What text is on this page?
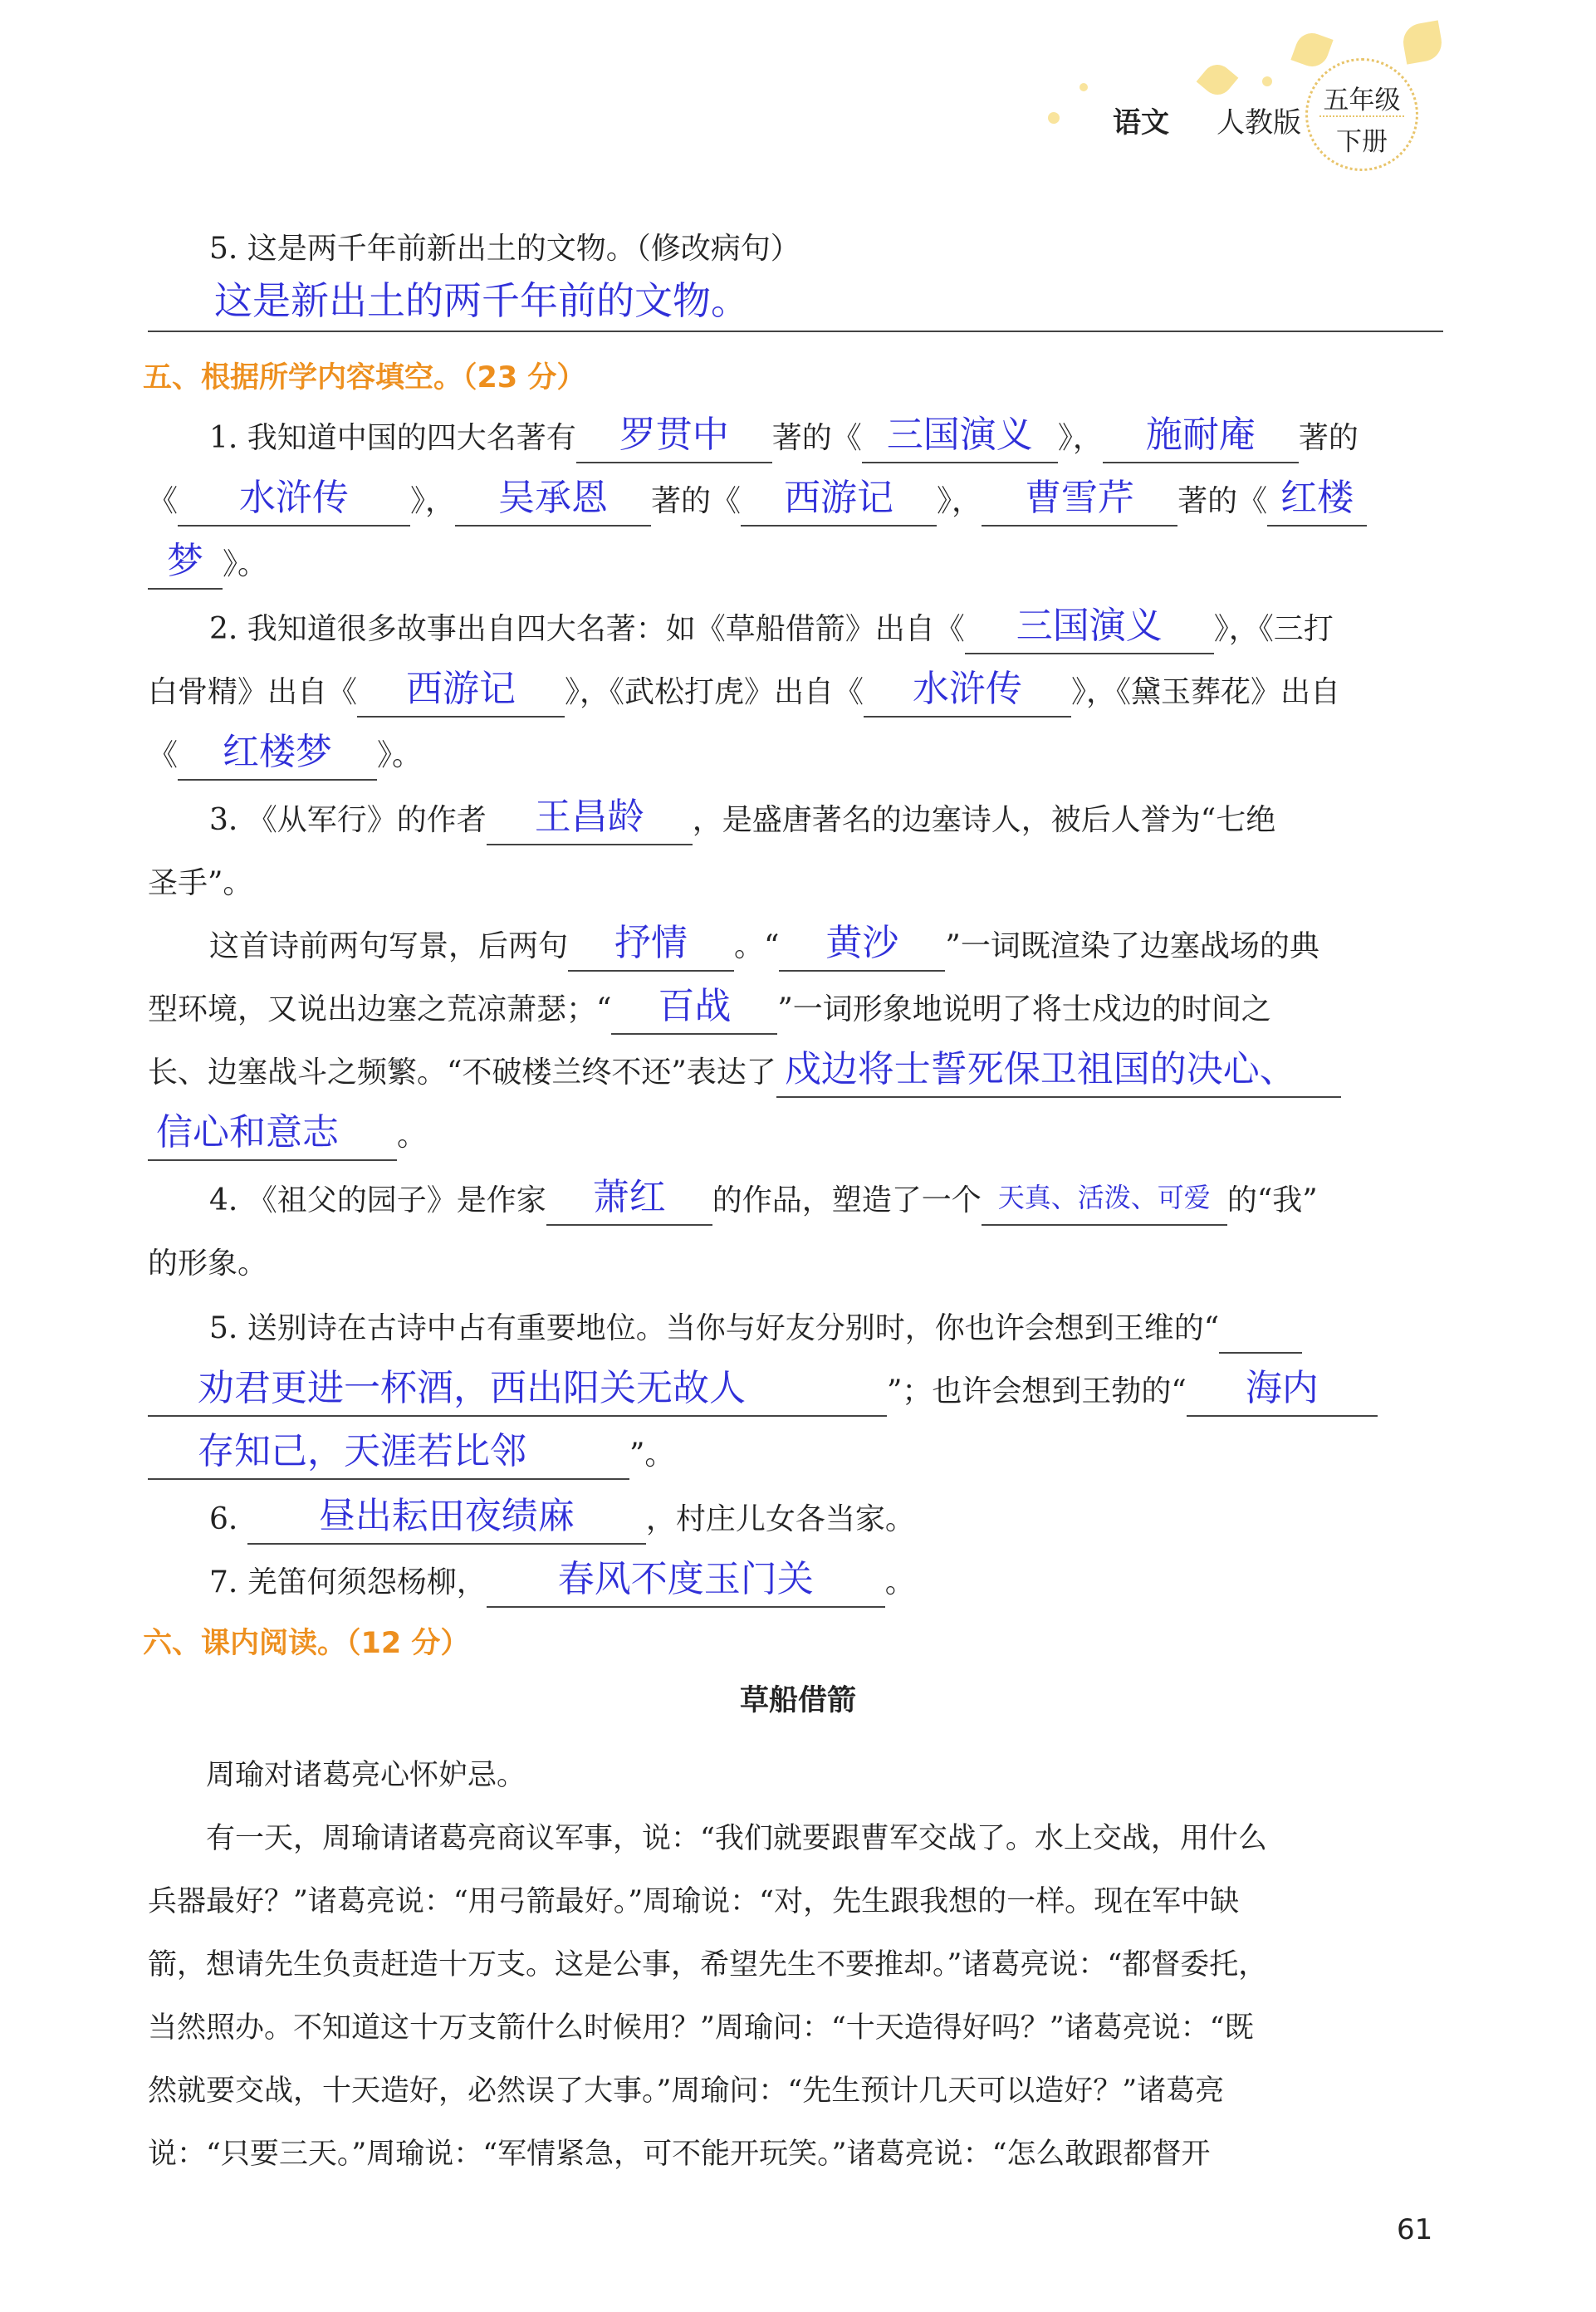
语文 人教版
五年级
下册
5. 这是两千年前新出土的文物。（修改病句）
这是新出土的两千年前的文物。
五、根据所学内容填空。（23 分）
1. 我知道中国的四大名著有	罗贯中	著的《 三国演义 》，	施耐庵	著的
《	水浒传	》，	吴承恩	著的《	西游记	》，	曹雪芹	著的《 红楼
梦 》。
2. 我知道很多故事出自四大名著：如《草船借箭》出自《	三国演义	》，《三打
白骨精》出自《	西游记	》，《武松打虎》出自《	水浒传	》，《黛玉葬花》出自
《	红楼梦	》。
3. 《从军行》的作者	王昌龄	，是盛唐著名的边塞诗人，被后人誉为“七绝
圣手”。
这首诗前两句写景，后两句	抒情	。“	黄沙	”一词既渲染了边塞战场的典
型环境，又说出边塞之荒凉萧瑟；“	百战	”一词形象地说明了将士戍边的时间之
长、边塞战斗之频繁。“不破楼兰终不还”表达了 戍边将士誓死保卫祖国的决心、
信心和意志	。
4. 《祖父的园子》是作家	萧红	的作品，塑造了一个 天真、活泼、可爱 的“我”
的形象。
5. 送别诗在古诗中占有重要地位。当你与好友分别时，你也许会想到王维的“
劝君更进一杯酒，西出阳关无故人	”；也许会想到王勃的“	海内
存知己，天涯若比邻	”。
6.	昼出耘田夜绩麻	，村庄儿女各当家。
7. 羌笛何须怨杨柳，	春风不度玉门关	。
六、课内阅读。（12 分）
草船借箭
　　周瑜对诸葛亮心怀妒忌。
　　有一天，周瑜请诸葛亮商议军事，说：“我们就要跟曹军交战了。水上交战，用什么
兵器最好？”诸葛亮说：“用弓箭最好。”周瑜说：“对，先生跟我想的一样。现在军中缺
箭，想请先生负责赶造十万支。这是公事，希望先生不要推却。”诸葛亮说：“都督委托，
当然照办。不知道这十万支箭什么时候用？”周瑜问：“十天造得好吗？”诸葛亮说：“既
然就要交战，十天造好，必然误了大事。”周瑜问：“先生预计几天可以造好？”诸葛亮
说：“只要三天。”周瑜说：“军情紧急，可不能开玩笑。”诸葛亮说：“怎么敢跟都督开
61
